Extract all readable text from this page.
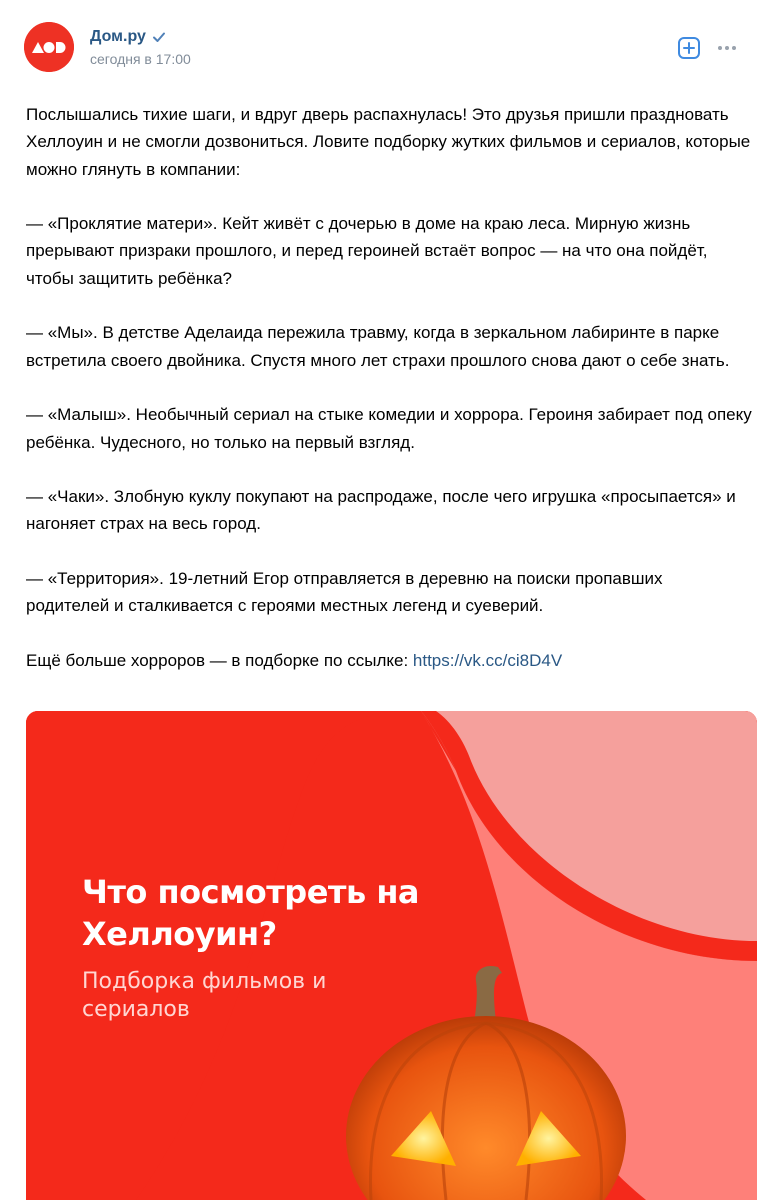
Дом.ру
сегодня в 17:00

Послышались тихие шаги, и вдруг дверь распахнулась! Это друзья пришли праздновать Хеллоуин и не смогли дозвониться. Ловите подборку жутких фильмов и сериалов, которые можно глянуть в компании:

— «Проклятие матери». Кейт живёт с дочерью в доме на краю леса. Мирную жизнь прерывают призраки прошлого, и перед героиней встаёт вопрос — на что она пойдёт, чтобы защитить ребёнка?

— «Мы». В детстве Аделаида пережила травму, когда в зеркальном лабиринте в парке встретила своего двойника. Спустя много лет страхи прошлого снова дают о себе знать.

— «Малыш». Необычный сериал на стыке комедии и хоррора. Героиня забирает под опеку ребёнка. Чудесного, но только на первый взгляд.

— «Чаки». Злобную куклу покупают на распродаже, после чего игрушка «просыпается» и нагоняет страх на весь город.

— «Территория». 19-летний Егор отправляется в деревню на поиски пропавших
родителей и сталкивается с героями местных легенд и суеверий.

Ещё больше хорроров — в подборке по ссылке: https://vk.cc/ci8D4V

Что посмотреть на Хеллоуин?
Подборка фильмов и сериалов
